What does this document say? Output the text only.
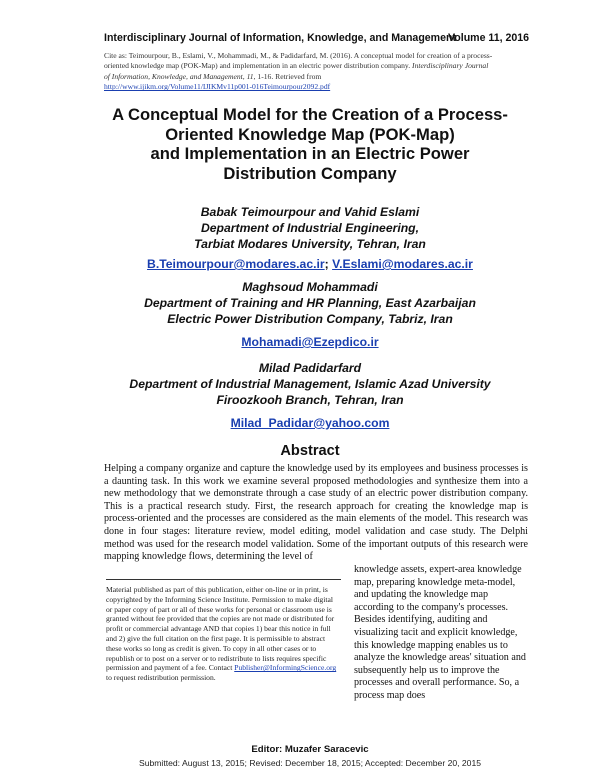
Interdisciplinary Journal of Information, Knowledge, and Management
Volume 11, 2016
Cite as: Teimourpour, B., Eslami, V., Mohammadi, M., & Padidarfard, M. (2016). A conceptual model for creation of a process-oriented knowledge map (POK-Map) and implementation in an electric power distribution company. Interdisciplinary Journal of Information, Knowledge, and Management, 11, 1-16. Retrieved from
http://www.ijikm.org/Volume11/IJIKMv11p001-016Teimourpour2092.pdf
A Conceptual Model for the Creation of a Process-
Oriented Knowledge Map (POK-Map)
and Implementation in an Electric Power
Distribution Company
Babak Teimourpour and Vahid Eslami
Department of Industrial Engineering,
Tarbiat Modares University, Tehran, Iran
B.Teimourpour@modares.ac.ir; V.Eslami@modares.ac.ir
Maghsoud Mohammadi
Department of Training and HR Planning, East Azarbaijan
Electric Power Distribution Company, Tabriz, Iran
Mohamadi@Ezepdico.ir
Milad Padidarfard
Department of Industrial Management, Islamic Azad University
Firoozkooh Branch, Tehran, Iran
Milad_Padidar@yahoo.com
Abstract
Helping a company organize and capture the knowledge used by its employees and business processes is a daunting task. In this work we examine several proposed methodologies and synthesize them into a new methodology that we demonstrate through a case study of an electric power distribution company. This is a practical research study. First, the research approach for creating the knowledge map is process-oriented and the processes are considered as the main elements of the model. This research was done in four stages: literature review, model editing, model validation and case study. The Delphi method was used for the research model validation. Some of the important outputs of this research were mapping knowledge flows, determining the level of
knowledge assets, expert-area knowledge map, preparing knowledge meta-model, and updating the knowledge map according to the company's processes. Besides identifying, auditing and visualizing tacit and explicit knowledge, this knowledge mapping enables us to analyze the knowledge areas' situation and subsequently help us to improve the processes and overall performance. So, a process map does
Material published as part of this publication, either on-line or in print, is copyrighted by the Informing Science Institute. Permission to make digital or paper copy of part or all of these works for personal or classroom use is granted without fee provided that the copies are not made or distributed for profit or commercial advantage AND that copies 1) bear this notice in full and 2) give the full citation on the first page. It is permissible to abstract these works so long as credit is given. To copy in all other cases or to republish or to post on a server or to redistribute to lists requires specific permission and payment of a fee. Contact Publisher@InformingScience.org to request redistribution permission.
Editor: Muzafer Saracevic
Submitted: August 13, 2015; Revised: December 18, 2015; Accepted: December 20, 2015
